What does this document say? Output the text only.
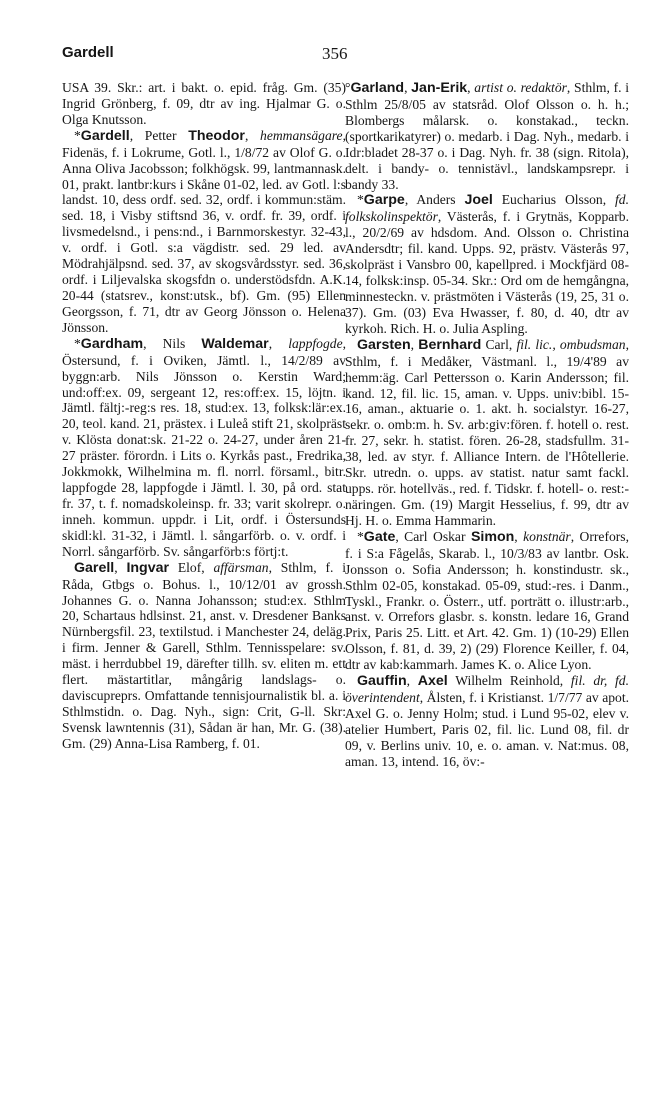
Gardell	356

USA 39. Skr.: art. i bakt. o. epid. fråg. Gm. (35) Ingrid Grönberg, f. 09, dtr av ing. Hjalmar G. o. Olga Knutsson.

*Gardell, Petter Theodor, hemmansägare, Fidenäs, f. i Lokrume, Gotl. l., 1/8/72 av Olof G. o. Anna Oliva Jacobsson; folkhögsk. 99, lantmannask. 01, prakt. lantbr:kurs i Skåne 01-02, led. av Gotl. l:s landst. 10, dess ordf. sed. 32, ordf. i kommun:stäm. sed. 18, i Visby stiftsnd 36, v. ordf. fr. 39, ordf. i livsmedelsnd., i pens:nd., i Barnmorskestyr. 32-43, v. ordf. i Gotl. s:a vägdistr. sed. 29 led. av Mödrahjälpsnd. sed. 37, av skogsvårdsstyr. sed. 36, ordf. i Liljevalska skogsfdn o. understödsfdn. A.K. 20-44 (statsrev., konst:utsk., bf). Gm. (95) Ellen Georgsson, f. 71, dtr av Georg Jönsson o. Helena Jönsson.

*Gardham, Nils Waldemar, lappfogde, Östersund, f. i Oviken, Jämtl. l., 14/2/89 av byggn:arb. Nils Jönsson o. Kerstin Ward; und:off:ex. 09, sergeant 12, res:off:ex. 15, löjtn. i Jämtl. fältj:-reg:s res. 18, stud:ex. 13, folksk:lär:ex. 20, teol. kand. 21, prästex. i Luleå stift 21, skolpräst v. Klösta donat:sk. 21-22 o. 24-27, under åren 21-27 präster. förordn. i Lits o. Kyrkås past., Fredrika, Jokkmokk, Wilhelmina m. fl. norrl. församl., bitr. lappfogde 28, lappfogde i Jämtl. l. 30, på ord. stat fr. 37, t. f. nomadskoleinsp. fr. 33; varit skolrepr. o. inneh. kommun. uppdr. i Lit, ordf. i Östersunds skidl:kl. 31-32, i Jämtl. l. sångarförb. o. v. ordf. i Norrl. sångarförb. Sv. sångarförb:s förtj:t.

Garell, Ingvar Elof, affärsman, Sthlm, f. i Råda, Gtbgs o. Bohus. l., 10/12/01 av grossh. Johannes G. o. Nanna Johansson; stud:ex. Sthlm 20, Schartaus hdlsinst. 21, anst. v. Dresdener Banks Nürnbergsfil. 23, textilstud. i Manchester 24, deläg. i firm. Jenner & Garell, Sthlm. Tennisspelare: sv. mäst. i herrdubbel 19, därefter tillh. sv. eliten m. ett flert. mästartitlar, mångårig landslags- o. daviscupreprs. Omfattande tennisjournalistik bl. a. i Sthlmstidn. o. Dag. Nyh., sign: Crit, G-ll. Skr: Svensk lawntennis (31), Sådan är han, Mr. G. (38). Gm. (29) Anna-Lisa Ramberg, f. 01.

°Garland, Jan-Erik, artist o. redaktör, Sthlm, f. i Sthlm 25/8/05 av statsråd. Olof Olsson o. h. h.; Blombergs målarsk. o. konstakad., teckn. (sportkarikatyrer) o. medarb. i Dag. Nyh., medarb. i Idr:bladet 28-37 o. i Dag. Nyh. fr. 38 (sign. Ritola), delt. i bandy- o. tennistävl., landskampsrepr. i bandy 33.

*Garpe, Anders Joel Eucharius Olsson, fd. folkskolinspektör, Västerås, f. i Grytnäs, Kopparb. l., 20/2/69 av hdsdom. And. Olsson o. Christina Andersdtr; fil. kand. Upps. 92, prästv. Västerås 97, skolpräst i Vansbro 00, kapellpred. i Mockfjärd 08-14, folksk:insp. 05-34. Skr.: Ord om de hemgångna, minnesteckn. v. prästmöten i Västerås (19, 25, 31 o. 37). Gm. (03) Eva Hwasser, f. 80, d. 40, dtr av kyrkoh. Rich. H. o. Julia Aspling.

Garsten, Bernhard Carl, fil. lic., ombudsman, Sthlm, f. i Medåker, Västmanl. l., 19/4'89 av hemm:äg. Carl Pettersson o. Karin Andersson; fil. kand. 12, fil. lic. 15, aman. v. Upps. univ:bibl. 15-16, aman., aktuarie o. 1. akt. h. socialstyr. 16-27, sekr. o. omb:m. h. Sv. arb:giv:fören. f. hotell o. rest. fr. 27, sekr. h. statist. fören. 26-28, stadsfullm. 31-38, led. av styr. f. Alliance Intern. de l'Hôtellerie. Skr. utredn. o. upps. av statist. natur samt fackl. upps. rör. hotellväs., red. f. Tidskr. f. hotell- o. rest:-näringen. Gm. (19) Margit Hesselius, f. 99, dtr av Hj. H. o. Emma Hammarin.

*Gate, Carl Oskar Simon, konstnär, Orrefors, f. i S:a Fågelås, Skarab. l., 10/3/83 av lantbr. Osk. Jonsson o. Sofia Andersson; h. konstindustr. sk., Sthlm 02-05, konstakad. 05-09, stud:-res. i Danm., Tyskl., Frankr. o. Österr., utf. porträtt o. illustr:arb., anst. v. Orrefors glasbr. s. konstn. ledare 16, Grand Prix, Paris 25. Litt. et Art. 42. Gm. 1) (10-29) Ellen Olsson, f. 81, d. 39, 2) (29) Florence Keiller, f. 04, dtr av kab:kammarh. James K. o. Alice Lyon.

Gauffin, Axel Wilhelm Reinhold, fil. dr, fd. överintendent, Ålsten, f. i Kristianst. 1/7/77 av apot. Axel G. o. Jenny Holm; stud. i Lund 95-02, elev v. atelier Humbert, Paris 02, fil. lic. Lund 08, fil. dr 09, v. Berlins univ. 10, e. o. aman. v. Nat:mus. 08, aman. 13, intend. 16, öv:-
